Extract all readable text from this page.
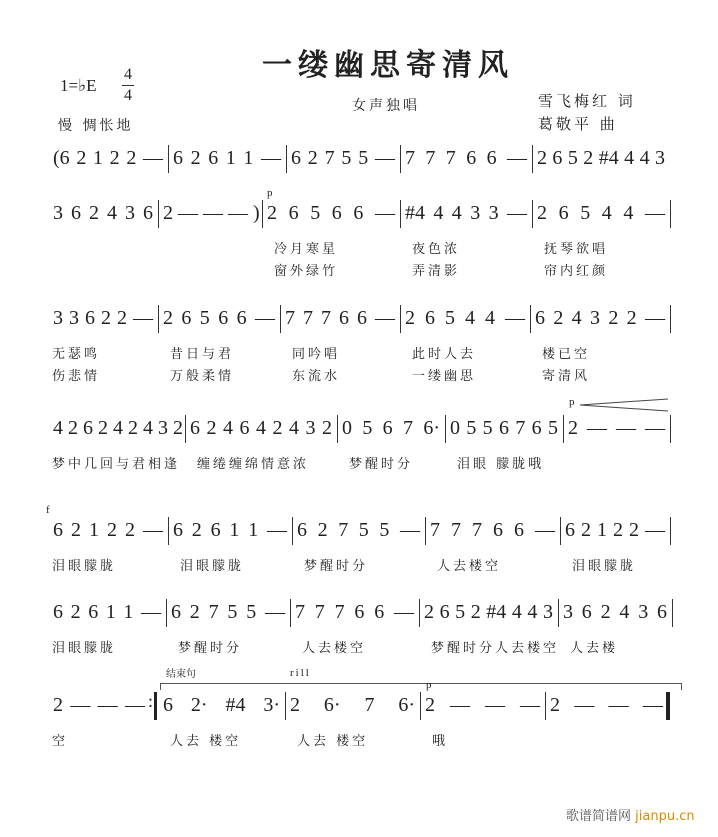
一缕幽思寄清风
1=♭E
4
4
慢 惆怅地
女声独唱	雪飞梅红 词
葛敬平 曲
(6 2 1 2 2 — 6 2 6 1 1 — 6 2 7 5 5 — 7 7 7 6 6 — 2 6 5 2 #4 4 4 3
3 6 2 4 3 6 2 — — — ) 2 6 5 6 6 — #4 4 4 3 3 — 2 6 5 4 4 —
冷月寒星	夜色浓	抚琴欲唱
窗外绿竹	弄清影	帘内红颜
3 3 6 2 2 — 2 6 5 6 6 — 7 7 7 6 6 — 2 6 5 4 4 — 6 2 4 3 2 2 —
无瑟鸣	昔日与君	同吟唱	此时人去	楼已空
伤悲情	万般柔情	东流水	一缕幽思	寄清风
4 2 6 2 4 2 4 3 2 6 2 4 6 4 2 4 3 2 0 5 6 7 6· 0 5 5 6 7 6 5 2 — — —
梦中几回与君相逢 缠绻缠绵情意浓	梦醒时分	泪眼 朦胧哦
6 2 1 2 2 — 6 2 6 1 1 — 6 2 7 5 5 — 7 7 7 6 6 — 6 2 1 2 2 —
泪眼朦胧	泪眼朦胧	梦醒时分	人去楼空	泪眼朦胧
6 2 6 1 1 — 6 2 7 5 5 — 7 7 7 6 6 — 2 6 5 2 #4 4 4 3 3 6 2 4 3 6
泪眼朦胧	梦醒时分	人去楼空	梦醒时分人去楼空 人去楼
2 — — — 6 2· #4 3· 2 6· 7 6· 2 — — — 2 — — —
空	人去 楼空	人去 楼空	哦
p
p
f
结束句	rill
p
:
歌谱简谱网 jianpu.cn
